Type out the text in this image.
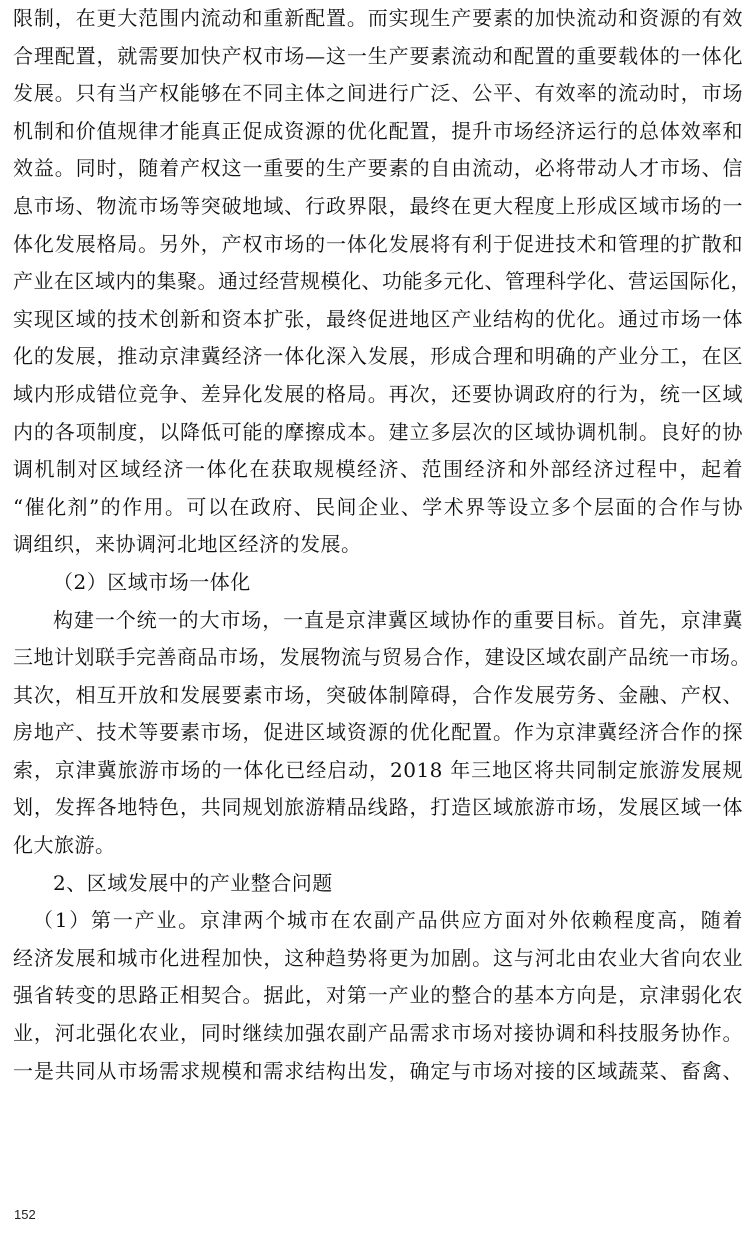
限制，在更大范围内流动和重新配置。而实现生产要素的加快流动和资源的有效
合理配置，就需要加快产权市场—这一生产要素流动和配置的重要载体的一体化
发展。只有当产权能够在不同主体之间进行广泛、公平、有效率的流动时，市场
机制和价值规律才能真正促成资源的优化配置，提升市场经济运行的总体效率和
效益。同时，随着产权这一重要的生产要素的自由流动，必将带动人才市场、信
息市场、物流市场等突破地域、行政界限，最终在更大程度上形成区域市场的一
体化发展格局。另外，产权市场的一体化发展将有利于促进技术和管理的扩散和
产业在区域内的集聚。通过经营规模化、功能多元化、管理科学化、营运国际化，
实现区域的技术创新和资本扩张，最终促进地区产业结构的优化。通过市场一体
化的发展，推动京津冀经济一体化深入发展，形成合理和明确的产业分工，在区
域内形成错位竞争、差异化发展的格局。再次，还要协调政府的行为，统一区域
内的各项制度，以降低可能的摩擦成本。建立多层次的区域协调机制。良好的协
调机制对区域经济一体化在获取规模经济、范围经济和外部经济过程中，起着
“催化剂”的作用。可以在政府、民间企业、学术界等设立多个层面的合作与协
调组织，来协调河北地区经济的发展。
（2）区域市场一体化
构建一个统一的大市场，一直是京津冀区域协作的重要目标。首先，京津冀
三地计划联手完善商品市场，发展物流与贸易合作，建设区域农副产品统一市场。
其次，相互开放和发展要素市场，突破体制障碍，合作发展劳务、金融、产权、
房地产、技术等要素市场，促进区域资源的优化配置。作为京津冀经济合作的探
索，京津冀旅游市场的一体化已经启动，2018 年三地区将共同制定旅游发展规
划，发挥各地特色，共同规划旅游精品线路，打造区域旅游市场，发展区域一体
化大旅游。
2、区域发展中的产业整合问题
（1）第一产业。京津两个城市在农副产品供应方面对外依赖程度高，随着
经济发展和城市化进程加快，这种趋势将更为加剧。这与河北由农业大省向农业
强省转变的思路正相契合。据此，对第一产业的整合的基本方向是，京津弱化农
业，河北强化农业，同时继续加强农副产品需求市场对接协调和科技服务协作。
一是共同从市场需求规模和需求结构出发，确定与市场对接的区域蔬菜、畜禽、
152
